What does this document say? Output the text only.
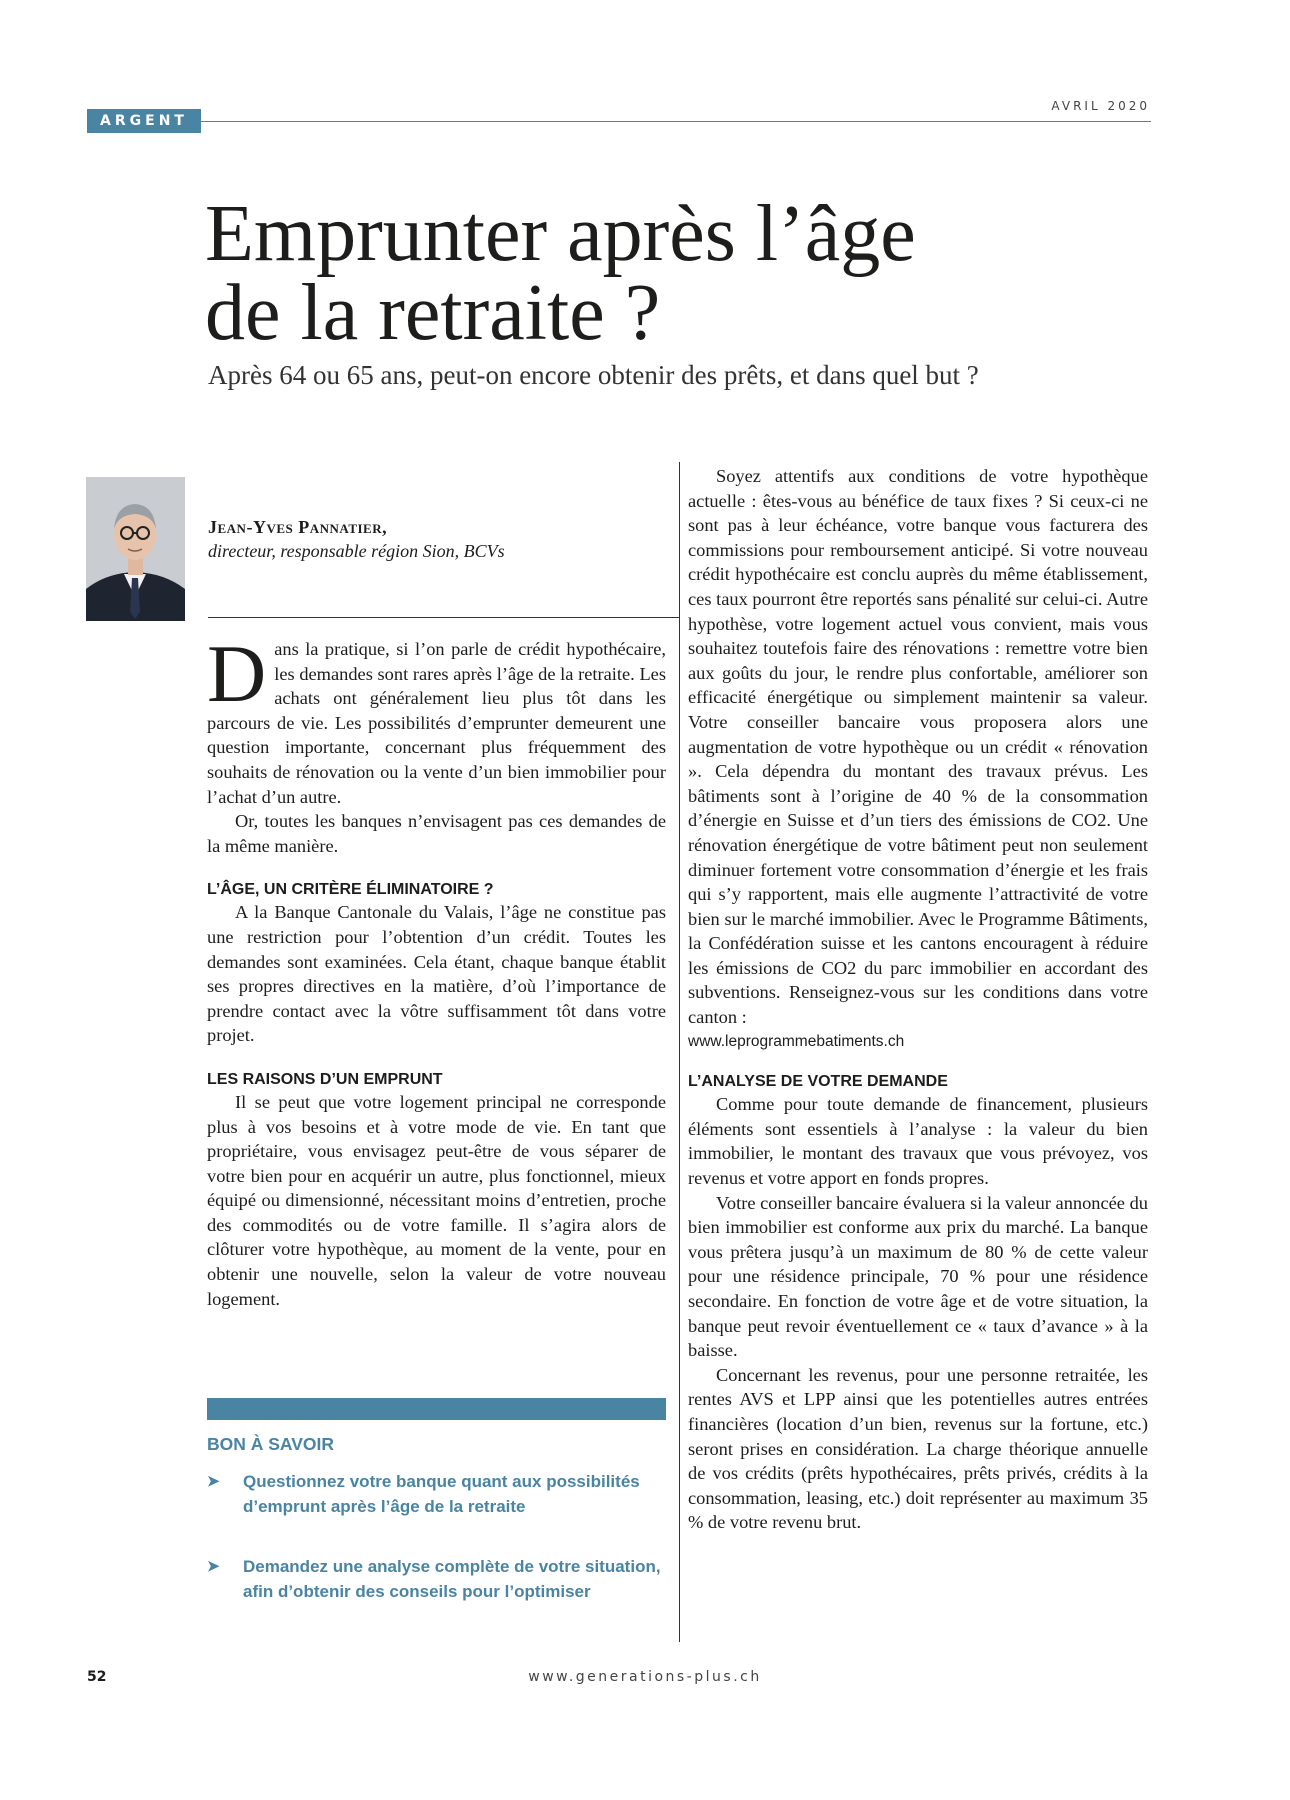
ARGENT
AVRIL 2020
Emprunter après l’âge
de la retraite ?
Après 64 ou 65 ans, peut-on encore obtenir des prêts, et dans quel but ?
Jean-Yves Pannatier,
directeur, responsable région Sion, BCVs

Dans la pratique, si l’on parle de crédit hypothécaire, les demandes sont rares après l’âge de la retraite. Les achats ont généralement lieu plus tôt dans les parcours de vie. Les possibilités d’emprunter demeurent une question importante, concernant plus fréquemment des souhaits de rénovation ou la vente d’un bien immobilier pour l’achat d’un autre.

Or, toutes les banques n’envisagent pas ces demandes de la même manière.

L’ÂGE, UN CRITÈRE ÉLIMINATOIRE ?

A la Banque Cantonale du Valais, l’âge ne constitue pas une restriction pour l’obtention d’un crédit. Toutes les demandes sont examinées. Cela étant, chaque banque établit ses propres directives en la matière, d’où l’importance de prendre contact avec la vôtre suffisamment tôt dans votre projet.

LES RAISONS D’UN EMPRUNT

Il se peut que votre logement principal ne corresponde plus à vos besoins et à votre mode de vie. En tant que propriétaire, vous envisagez peut-être de vous séparer de votre bien pour en acquérir un autre, plus fonctionnel, mieux équipé ou dimensionné, nécessitant moins d’entretien, proche des commodités ou de votre famille. Il s’agira alors de clôturer votre hypothèque, au moment de la vente, pour en obtenir une nouvelle, selon la valeur de votre nouveau logement.

BON À SAVOIR
➤ Questionnez votre banque quant aux possibilités d’emprunt après l’âge de la retraite
➤ Demandez une analyse complète de votre situation, afin d’obtenir des conseils pour l’optimiser

Soyez attentifs aux conditions de votre hypothèque actuelle : êtes-vous au bénéfice de taux fixes ? Si ceux-ci ne sont pas à leur échéance, votre banque vous facturera des commissions pour remboursement anticipé. Si votre nouveau crédit hypothécaire est conclu auprès du même établissement, ces taux pourront être reportés sans pénalité sur celui-ci. Autre hypothèse, votre logement actuel vous convient, mais vous souhaitez toutefois faire des rénovations : remettre votre bien aux goûts du jour, le rendre plus confortable, améliorer son efficacité énergétique ou simplement maintenir sa valeur. Votre conseiller bancaire vous proposera alors une augmentation de votre hypothèque ou un crédit « rénovation ». Cela dépendra du montant des travaux prévus. Les bâtiments sont à l’origine de 40 % de la consommation d’énergie en Suisse et d’un tiers des émissions de CO2. Une rénovation énergétique de votre bâtiment peut non seulement diminuer fortement votre consommation d’énergie et les frais qui s’y rapportent, mais elle augmente l’attractivité de votre bien sur le marché immobilier. Avec le Programme Bâtiments, la Confédération suisse et les cantons encouragent à réduire les émissions de CO2 du parc immobilier en accordant des subventions. Renseignez-vous sur les conditions dans votre canton :

www.leprogrammebatiments.ch

L’ANALYSE DE VOTRE DEMANDE

Comme pour toute demande de financement, plusieurs éléments sont essentiels à l’analyse : la valeur du bien immobilier, le montant des travaux que vous prévoyez, vos revenus et votre apport en fonds propres.

Votre conseiller bancaire évaluera si la valeur annoncée du bien immobilier est conforme aux prix du marché. La banque vous prêtera jusqu’à un maximum de 80 % de cette valeur pour une résidence principale, 70 % pour une résidence secondaire. En fonction de votre âge et de votre situation, la banque peut revoir éventuellement ce « taux d’avance » à la baisse.

Concernant les revenus, pour une personne retraitée, les rentes AVS et LPP ainsi que les potentielles autres entrées financières (location d’un bien, revenus sur la fortune, etc.) seront prises en considération. La charge théorique annuelle de vos crédits (prêts hypothécaires, prêts privés, crédits à la consommation, leasing, etc.) doit représenter au maximum 35 % de votre revenu brut.

52	www.generations-plus.ch
